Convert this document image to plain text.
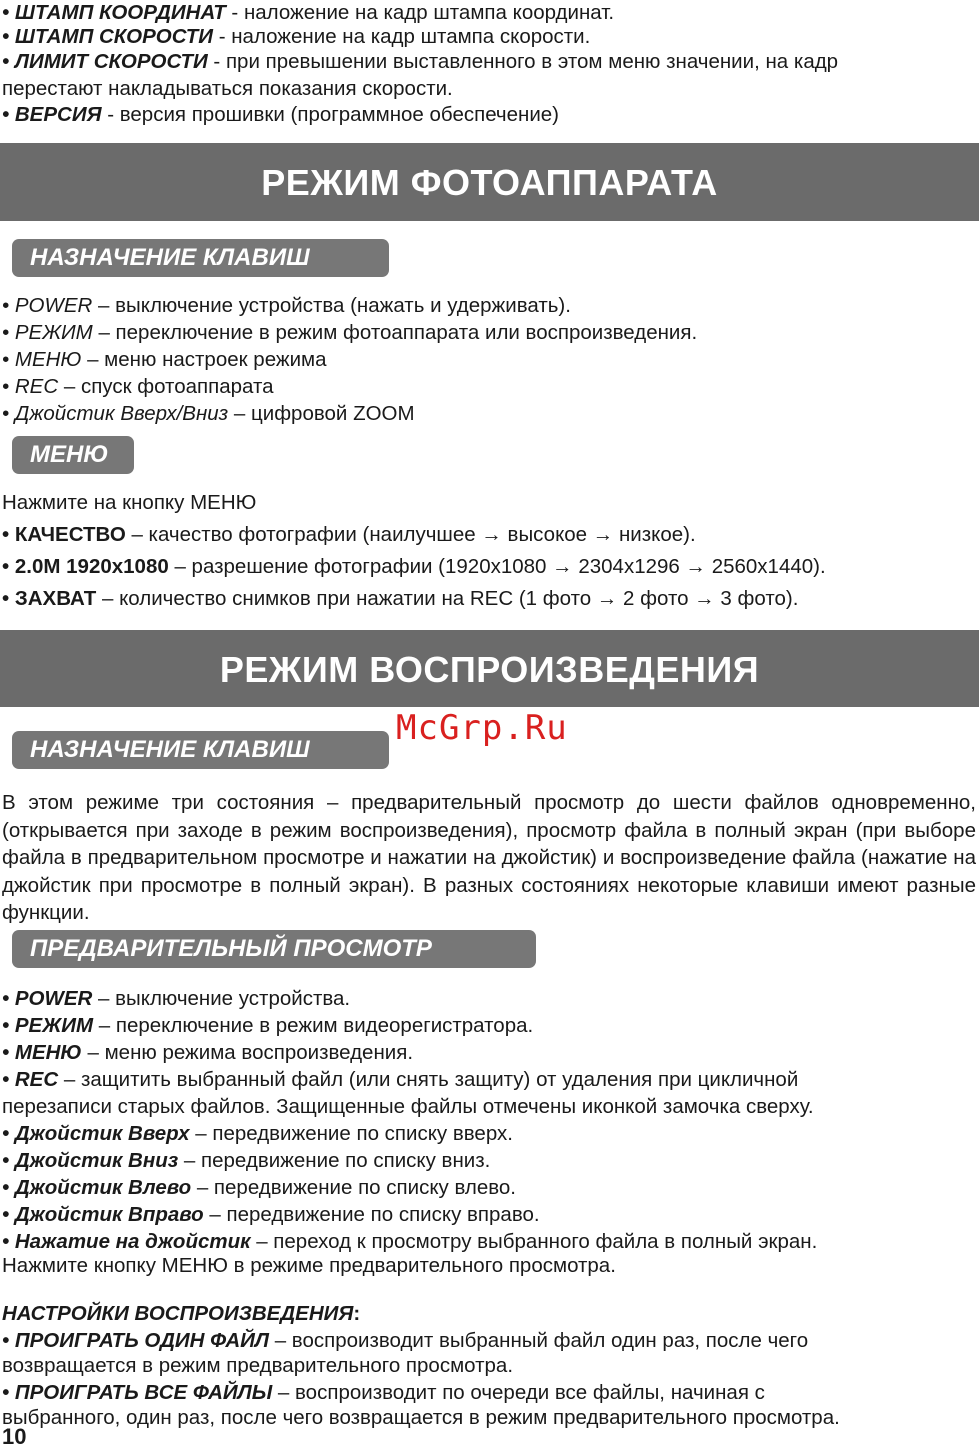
• ШТАМП КООРДИНАТ - наложение на кадр штампа координат.
• ШТАМП СКОРОСТИ - наложение на кадр штампа скорости.
• ЛИМИТ СКОРОСТИ - при превышении выставленного в этом меню значении, на кадр
перестают накладываться показания скорости.
• ВЕРСИЯ - версия прошивки (программное обеспечение)
РЕЖИМ ФОТОАППАРАТА
НАЗНАЧЕНИЕ КЛАВИШ
• POWER – выключение устройства (нажать и удерживать).
• РЕЖИМ – переключение в режим фотоаппарата или воспроизведения.
• МЕНЮ – меню настроек режима
• REC – спуск фотоаппарата
• Джойстик Вверх/Вниз – цифровой ZOOM
МЕНЮ
Нажмите на кнопку МЕНЮ
• КАЧЕСТВО – качество фотографии (наилучшее → высокое → низкое).
• 2.0M 1920x1080 – разрешение фотографии (1920x1080 → 2304x1296 → 2560x1440).
• ЗАХВАТ – количество снимков при нажатии на REC (1 фото → 2 фото → 3 фото).
РЕЖИМ ВОСПРОИЗВЕДЕНИЯ
НАЗНАЧЕНИЕ КЛАВИШ
McGrp.Ru
В этом режиме три состояния – предварительный просмотр до шести файлов одновременно, (открывается при заходе в режим воспроизведения), просмотр файла в полный экран (при выборе файла в предварительном просмотре и нажатии на джойстик) и воспроизведение файла (нажатие на джойстик при просмотре в полный экран). В разных состояниях некоторые клавиши имеют разные функции.
ПРЕДВАРИТЕЛЬНЫЙ ПРОСМОТР
• POWER – выключение устройства.
• РЕЖИМ – переключение в режим видеорегистратора.
• МЕНЮ – меню режима воспроизведения.
• REC – защитить выбранный файл (или снять защиту) от удаления при цикличной
перезаписи старых файлов. Защищенные файлы отмечены иконкой замочка сверху.
• Джойстик Вверх – передвижение по списку вверх.
• Джойстик Вниз – передвижение по списку вниз.
• Джойстик Влево – передвижение по списку влево.
• Джойстик Вправо – передвижение по списку вправо.
• Нажатие на джойстик – переход к просмотру выбранного файла в полный экран.
Нажмите кнопку МЕНЮ в режиме предварительного просмотра.
НАСТРОЙКИ ВОСПРОИЗВЕДЕНИЯ:
• ПРОИГРАТЬ ОДИН ФАЙЛ – воспроизводит выбранный файл один раз, после чего
возвращается в режим предварительного просмотра.
• ПРОИГРАТЬ ВСЕ ФАЙЛЫ – воспроизводит по очереди все файлы, начиная с
выбранного, один раз, после чего возвращается в режим предварительного просмотра.
10
